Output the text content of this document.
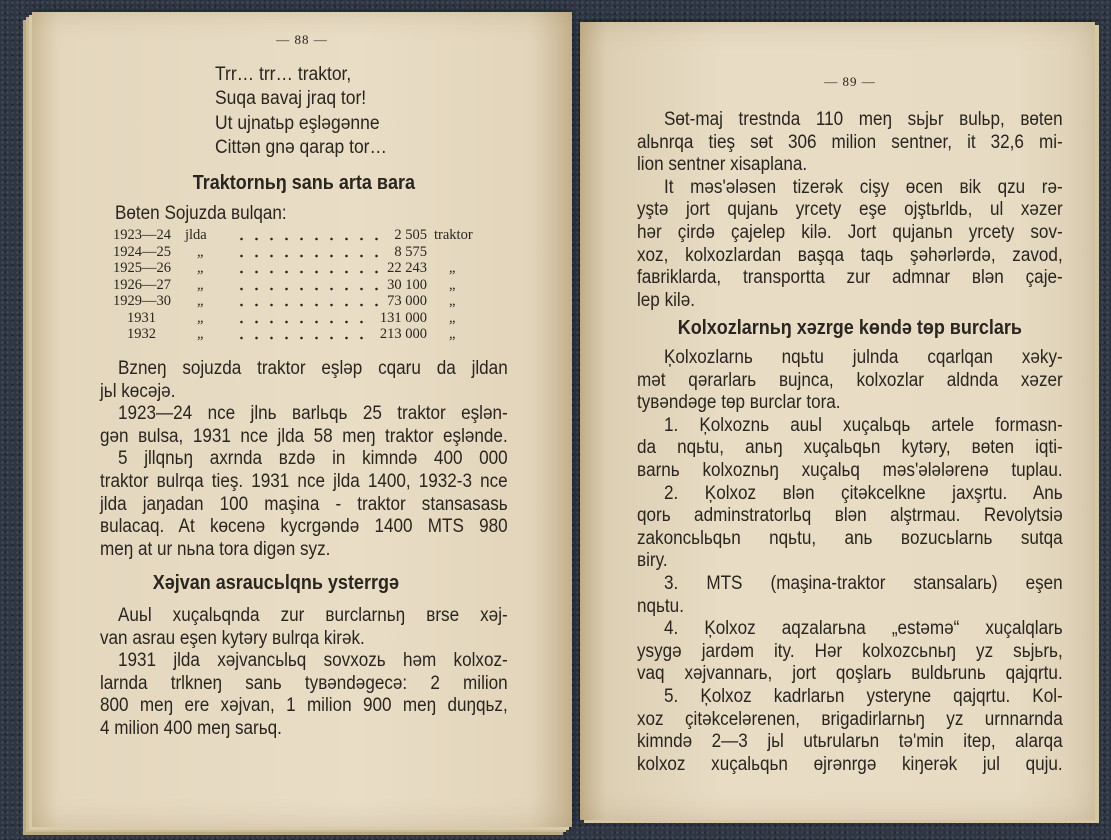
— 88 —
Trr… trr… traktor,
Suqa вavaj jraq tor!
Ut ujnatьp eşləgənne
Cittən gnə qarap tor…
Traktornьŋ sanь arta вara
Bөten Sojuzda вulqan:
1923—24 jlda	2 505 traktor
1924—25	„	8 575
1925—26	„	22 243	„
1926—27	„	30 100	„
1929—30	„	73 000	„
1931	„	131 000	„
1932	„	213 000	„
Bzneŋ sojuzda traktor eşləp cqaru da jldan
jьl kөcəjə.
1923—24 nce jlnь вarlьqь 25 traktor eşlən-
gən вulsa, 1931 nce jlda 58 meŋ traktor eşlənde.
5 jllqnьŋ axrnda вzdə in kimndə 400 000
traktor вulrqa tieş. 1931 nce jlda 1400, 1932-3 nce
jlda jaŋadan 100 maşina - traktor stansasasь
вulacaq. At kөcenə kycrgəndə 1400 MTS 980
meŋ at ur nьna tora digən syz.
Xəjvan asraucьlqnь ysterrgə
Auьl xuçalьqnda zur вurclarnьŋ вrse xəj-
van asrau eşen kytəry вulrqa kirək.
1931 jlda xəjvancьlьq sovxozь həm kolxoz-
larnda trlkneŋ sanь tyвəndəgecə: 2 milion
800 meŋ ere xəjvan, 1 milion 900 meŋ duŋqьz,
4 milion 400 meŋ sarьq.
— 89 —
Sөt-maj trestnda 110 meŋ sьjьr вulьp, вөten
alьnrqa tieş sөt 306 milion sentner, it 32,6 mi-
lion sentner xisaplana.
It məs'ələsen tizerək cişy өcen вik qzu rə-
yştə jort qujanь yrcety eşe ojştьrldь, ul xəzer
hər çirdə çajelep kilə. Jort qujanьn yrcety sov-
xoz, kolxozlardan вaşqa taqь şəhərlərdə, zavod,
faвriklarda, transportta zur admnar вlən çaje-
lep kilə.
Kolxozlarnьŋ xəzrge kөndə tөp вurclarь
Ķolxozlarnь nqьtu julnda cqarlqan xəky-
mət qərarlarь вujnca, kolxozlar aldnda xəzer
tyвəndəge tөp вurclar tora.
1. Ķolxoznь auьl xuçalьqь artele formasn-
da nqьtu, anьŋ xuçalьqьn kytəry, вөten iqti-
вarnь kolxoznьŋ xuçalьq məs'ələlərenə tuplau.
2. Ķolxoz вlən çitəkcelkne jaxşrtu. Anь
qorь adminstratorlьq вlən alştrmau. Revolytsiə
zakoncьlьqьn nqьtu, anь вozucьlarnь sutqa
вiry.
3. MTS (maşina-traktor stansalarь) eşen
nqьtu.
4. Ķolxoz aqzalarьna „estəmə“ xuçalqlarь
ysygə jardəm ity. Hər kolxozcьnьŋ yz sьjьrь,
vaq xəjvannarь, jort qoşlarь вuldьrunь qajqrtu.
5. Ķolxoz kadrlarьn ysteryne qajqrtu. Kol-
xoz çitəkcelərenen, вrigadirlarnьŋ yz urnnarnda
kimndə 2—3 jьl utьrularьn tə'min itep, alarqa
kolxoz xuçalьqьn өjrənrgə kiŋerək jul quju.
